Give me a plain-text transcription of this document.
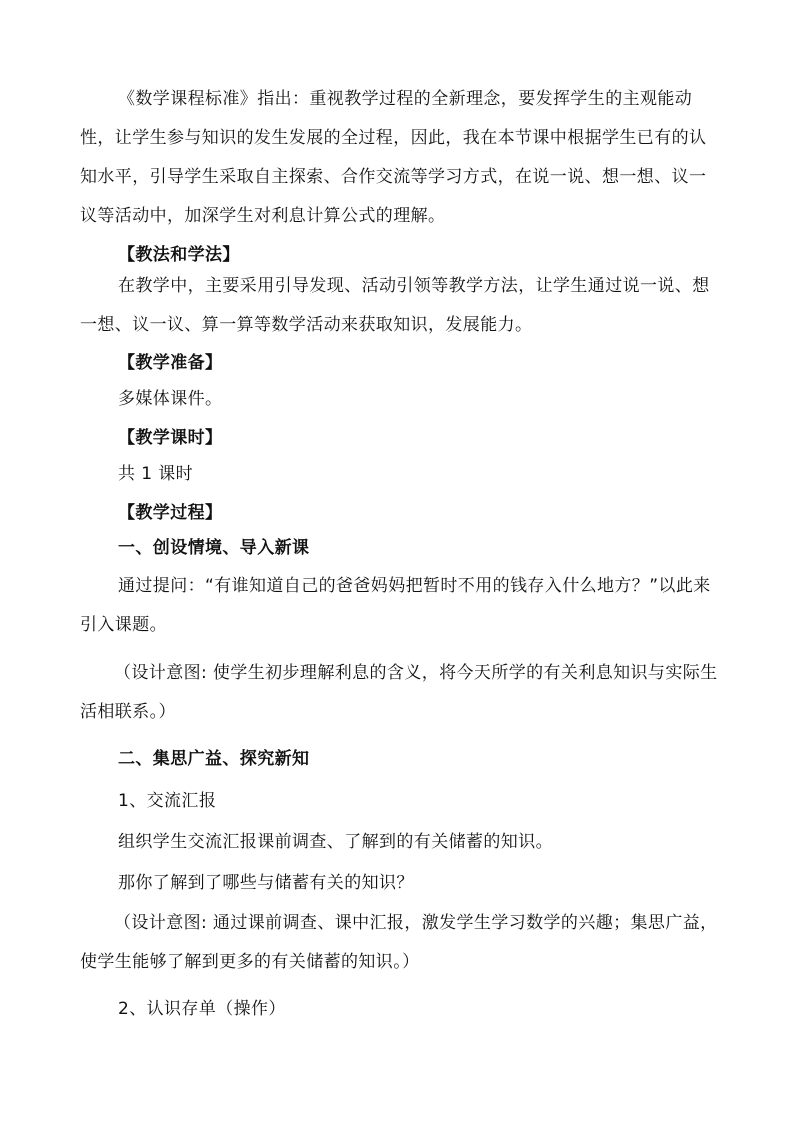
《数学课程标准》指出：重视教学过程的全新理念，要发挥学生的主观能动性，让学生参与知识的发生发展的全过程，因此，我在本节课中根据学生已有的认知水平，引导学生采取自主探索、合作交流等学习方式，在说一说、想一想、议一议等活动中，加深学生对利息计算公式的理解。

【教法和学法】

在教学中，主要采用引导发现、活动引领等教学方法，让学生通过说一说、想一想、议一议、算一算等数学活动来获取知识，发展能力。

【教学准备】

多媒体课件。

【教学课时】

共 1 课时

【教学过程】

一、创设情境、导入新课

通过提问：“有谁知道自己的爸爸妈妈把暂时不用的钱存入什么地方？”以此来引入课题。

（设计意图: 使学生初步理解利息的含义，将今天所学的有关利息知识与实际生活相联系。）

二、集思广益、探究新知

1、交流汇报

组织学生交流汇报课前调查、了解到的有关储蓄的知识。

那你了解到了哪些与储蓄有关的知识？

（设计意图: 通过课前调查、课中汇报，激发学生学习数学的兴趣；集思广益，使学生能够了解到更多的有关储蓄的知识。）

2、认识存单（操作）
